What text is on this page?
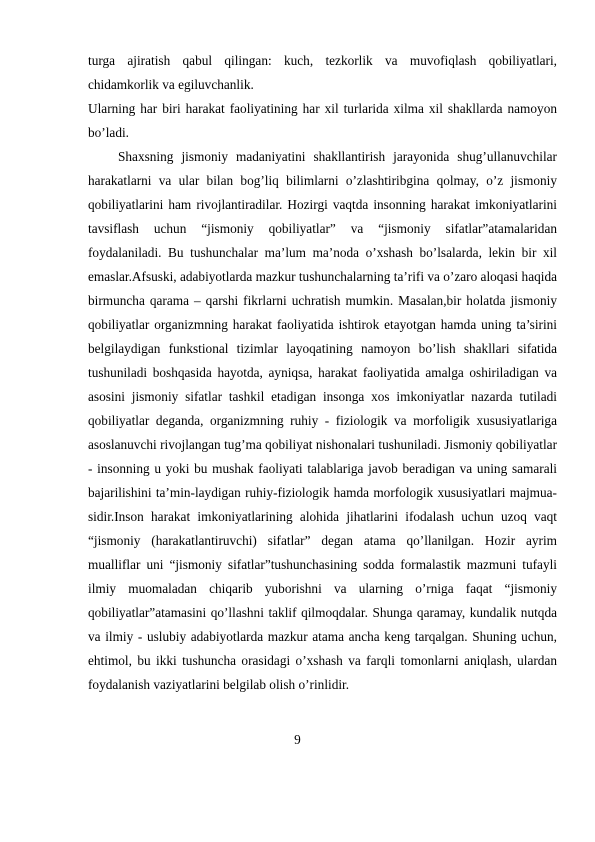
turga ajiratish qabul qilingan: kuch, tezkorlik va muvofiqlash qobiliyatlari, chidamkorlik va egiluvchanlik.

Ularning har biri harakat faoliyatining har xil turlarida xilma xil shakllarda namoyon bo’ladi.

Shaxsning jismoniy madaniyatini shakllantirish jarayonida shug’ullanuvchilar harakatlarni va ular bilan bog’liq bilimlarni o’zlashtiribgina qolmay, o’z jismoniy qobiliyatlarini ham rivojlantiradilar. Hozirgi vaqtda insonning harakat imkoniyatlarini tavsiflash uchun “jismoniy qobiliyatlar” va “jismoniy sifatlar”atamalaridan foydalaniladi. Bu tushunchalar ma’lum ma’noda o’xshash bo’lsalarda, lekin bir xil emaslar.Afsuski, adabiyotlarda mazkur tushunchalarning ta’rifi va o’zaro aloqasi haqida birmuncha qarama – qarshi fikrlarni uchratish mumkin. Masalan,bir holatda jismoniy qobiliyatlar organizmning harakat faoliyatida ishtirok etayotgan hamda uning ta’sirini belgilaydigan funkstional tizimlar layoqatining namoyon bo’lish shakllari sifatida tushuniladi boshqasida hayotda, ayniqsa, harakat faoliyatida amalga oshiriladigan va asosini jismoniy sifatlar tashkil etadigan insonga xos imkoniyatlar nazarda tutiladi qobiliyatlar deganda, organizmning ruhiy - fiziologik va morfoligik xususiyatlariga asoslanuvchi rivojlangan tug’ma qobiliyat nishonalari tushuniladi. Jismoniy qobiliyatlar - insonning u yoki bu mushak faoliyati talablariga javob beradigan va uning samarali bajarilishini ta’min-laydigan ruhiy-fiziologik hamda morfologik xususiyatlari majmua-sidir.Inson harakat imkoniyatlarining alohida jihatlarini ifodalash uchun uzoq vaqt “jismoniy (harakatlantiruvchi) sifatlar” degan atama qo’llanilgan. Hozir ayrim mualliflar uni “jismoniy sifatlar”tushunchasining sodda formalastik mazmuni tufayli ilmiy muomaladan chiqarib yuborishni va ularning o’rniga faqat “jismoniy qobiliyatlar”atamasini qo’llashni taklif qilmoqdalar. Shunga qaramay, kundalik nutqda va ilmiy - uslubiy adabiyotlarda mazkur atama ancha keng tarqalgan. Shuning uchun, ehtimol, bu ikki tushuncha orasidagi o’xshash va farqli tomonlarni aniqlash, ulardan foydalanish vaziyatlarini belgilab olish o’rinlidir.

9
